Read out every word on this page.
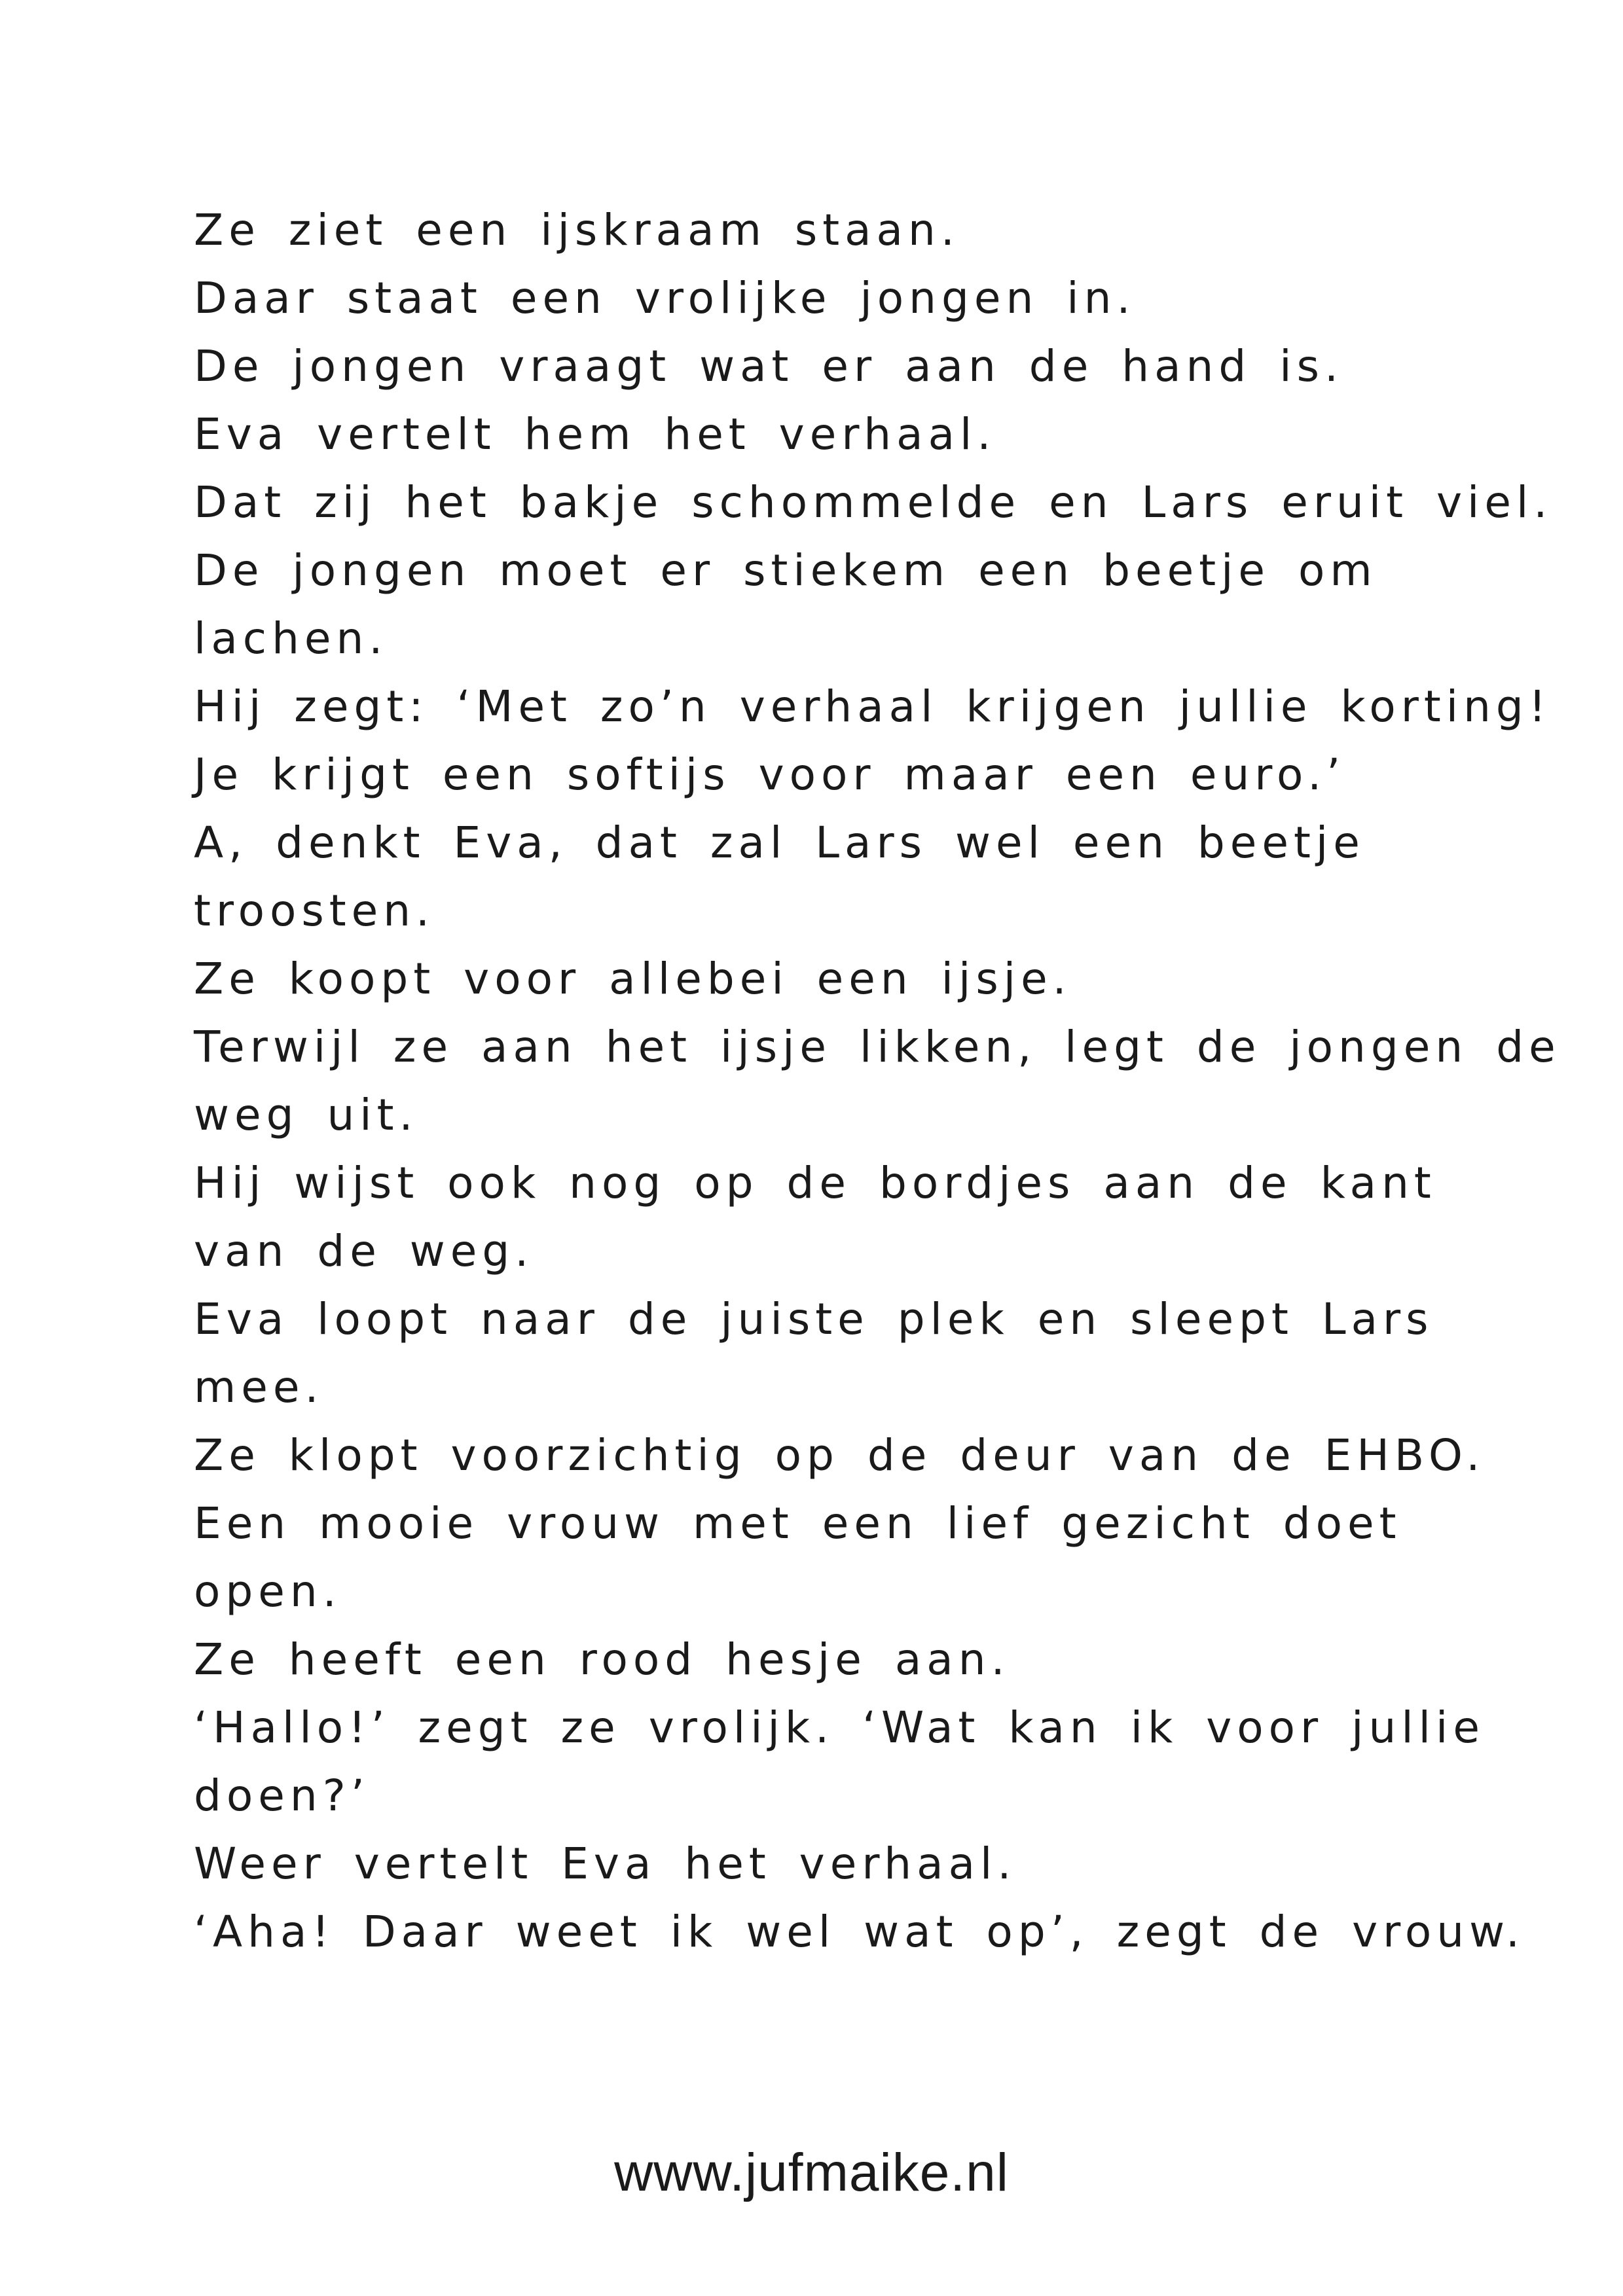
Ze ziet een ijskraam staan.
Daar staat een vrolijke jongen in.
De jongen vraagt wat er aan de hand is.
Eva vertelt hem het verhaal.
Dat zij het bakje schommelde en Lars eruit viel.
De jongen moet er stiekem een beetje om
lachen.
Hij zegt: ‘Met zo’n verhaal krijgen jullie korting!
Je krijgt een softijs voor maar een euro.’
A, denkt Eva, dat zal Lars wel een beetje
troosten.
Ze koopt voor allebei een ijsje.
Terwijl ze aan het ijsje likken, legt de jongen de
weg uit.
Hij wijst ook nog op de bordjes aan de kant
van de weg.
Eva loopt naar de juiste plek en sleept Lars
mee.
Ze klopt voorzichtig op de deur van de EHBO.
Een mooie vrouw met een lief gezicht doet
open.
Ze heeft een rood hesje aan.
‘Hallo!’ zegt ze vrolijk. ‘Wat kan ik voor jullie
doen?’
Weer vertelt Eva het verhaal.
‘Aha! Daar weet ik wel wat op’, zegt de vrouw.
www.jufmaike.nl
